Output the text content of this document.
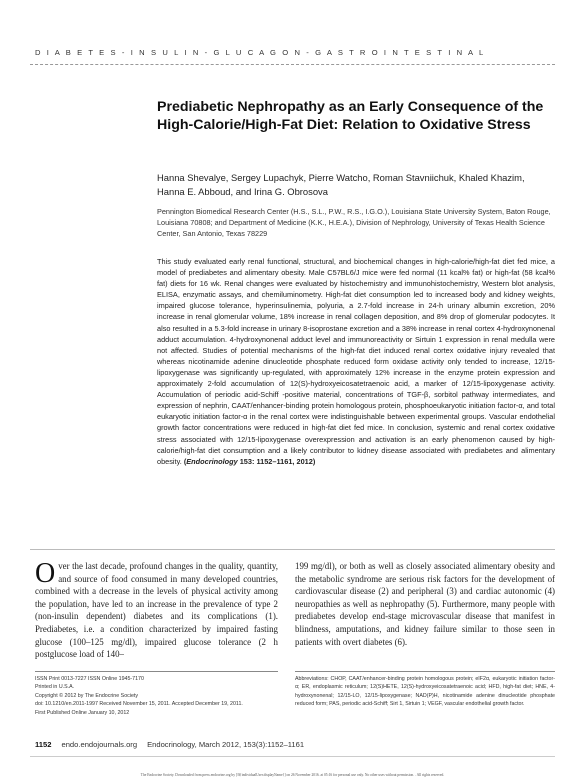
D I A B E T E S - I N S U L I N - G L U C A G O N - G A S T R O I N T E S T I N A L
Prediabetic Nephropathy as an Early Consequence of the High-Calorie/High-Fat Diet: Relation to Oxidative Stress

Hanna Shevalye, Sergey Lupachyk, Pierre Watcho, Roman Stavniichuk, Khaled Khazim, Hanna E. Abboud, and Irina G. Obrosova

Pennington Biomedical Research Center (H.S., S.L., P.W., R.S., I.G.O.), Louisiana State University System, Baton Rouge, Louisiana 70808; and Department of Medicine (K.K., H.E.A.), Division of Nephrology, University of Texas Health Science Center, San Antonio, Texas 78229

This study evaluated early renal functional, structural, and biochemical changes in high-calorie/high-fat diet fed mice, a model of prediabetes and alimentary obesity. Male C57BL6/J mice were fed normal (11 kcal% fat) or high-fat (58 kcal% fat) diets for 16 wk. Renal changes were evaluated by histochemistry and immunohistochemistry, Western blot analysis, ELISA, enzymatic assays, and chemiluminometry. High-fat diet consumption led to increased body and kidney weights, impaired glucose tolerance, hyperinsulinemia, polyuria, a 2.7-fold increase in 24-h urinary albumin excretion, 20% increase in renal glomerular volume, 18% increase in renal collagen deposition, and 8% drop of glomerular podocytes. It also resulted in a 5.3-fold increase in urinary 8-isoprostane excretion and a 38% increase in renal cortex 4-hydroxynonenal adduct accumulation. 4-hydroxynonenal adduct level and immunoreactivity or Sirtuin 1 expression in renal medulla were not affected. Studies of potential mechanisms of the high-fat diet induced renal cortex oxidative injury revealed that whereas nicotinamide adenine dinucleotide phosphate reduced form oxidase activity only tended to increase, 12/15-lipoxygenase was significantly up-regulated, with approximately 12% increase in the enzyme protein expression and approximately 2-fold accumulation of 12(S)-hydroxyeicosatetraenoic acid, a marker of 12/15-lipoxygenase activity. Accumulation of periodic acid-Schiff -positive material, concentrations of TGF-β, sorbitol pathway intermediates, and expression of nephrin, CAAT/enhancer-binding protein homologous protein, phosphoeukaryotic initiation factor-α, and total eukaryotic initiation factor-α in the renal cortex were indistinguishable between experimental groups. Vascular endothelial growth factor concentrations were reduced in high-fat diet fed mice. In conclusion, systemic and renal cortex oxidative stress associated with 12/15-lipoxygenase overexpression and activation is an early phenomenon caused by high-calorie/high-fat diet consumption and a likely contributor to kidney disease associated with prediabetes and alimentary obesity. (Endocrinology 153: 1152–1161, 2012)
Over the last decade, profound changes in the quality, quantity, and source of food consumed in many developed countries, combined with a decrease in the levels of physical activity among the population, have led to an increase in the prevalence of type 2 (non-insulin dependent) diabetes and its complications (1). Prediabetes, i.e. a condition characterized by impaired fasting glucose (100–125 mg/dl), impaired glucose tolerance (2 h postglucose load of 140–
199 mg/dl), or both as well as closely associated alimentary obesity and the metabolic syndrome are serious risk factors for the development of cardiovascular disease (2) and peripheral (3) and cardiac autonomic (4) neuropathies as well as nephropathy (5). Furthermore, many people with prediabetes develop end-stage microvascular disease that manifest in blindness, amputations, and kidney failure similar to those seen in patients with overt diabetes (6).
ISSN Print 0013-7227 ISSN Online 1945-7170
Printed in U.S.A.
Copyright © 2012 by The Endocrine Society
doi: 10.1210/en.2011-1997 Received November 15, 2011. Accepted December 19, 2011.
First Published Online January 10, 2012
Abbreviations: CHOP, CAAT/enhancer-binding protein homologous protein; eIF2α, eukaryotic initiation factor-α; ER, endoplasmic reticulum; 12(S)HETE, 12(S)-hydroxyeicosatetraenoic acid; HFD, high-fat diet; HNE, 4-hydroxynonenal; 12/15-LO, 12/15-lipoxygenase; NAD(P)H, nicotinamide adenine dinucleotide phosphate reduced form; PAS, periodic acid-Schiff; Sirt 1, Sirtuin 1; VEGF, vascular endothelial growth factor.
1152 endo.endojournals.org Endocrinology, March 2012, 153(3):1152–1161
The Endocrine Society. Downloaded from press.endocrine.org by [\${individualUser.displayName}] on 26 November 2016. at 05:16 for personal use only. No other uses without permission. . All rights reserved.
